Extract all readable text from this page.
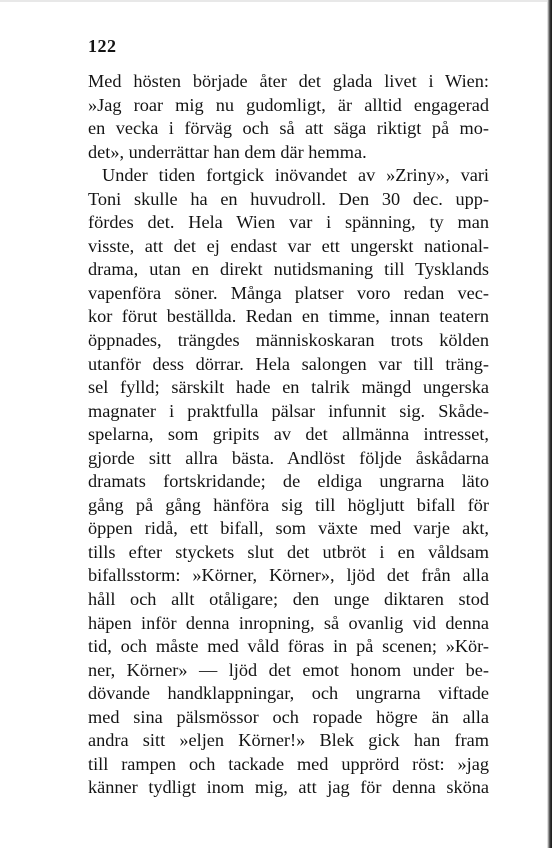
122
Med hösten började åter det glada livet i Wien:
»Jag roar mig nu gudomligt, är alltid engagerad
en vecka i förväg och så att säga riktigt på mo-
det», underrättar han dem där hemma.
Under tiden fortgick inövandet av »Zriny», vari
Toni skulle ha en huvudroll. Den 30 dec. upp-
fördes det. Hela Wien var i spänning, ty man
visste, att det ej endast var ett ungerskt national-
drama, utan en direkt nutidsmaning till Tysklands
vapenföra söner. Många platser voro redan vec-
kor förut beställda. Redan en timme, innan teatern
öppnades, trängdes människoskaran trots kölden
utanför dess dörrar. Hela salongen var till träng-
sel fylld; särskilt hade en talrik mängd ungerska
magnater i praktfulla pälsar infunnit sig. Skåde-
spelarna, som gripits av det allmänna intresset,
gjorde sitt allra bästa. Andlöst följde åskådarna
dramats fortskridande; de eldiga ungrarna läto
gång på gång hänföra sig till högljutt bifall för
öppen ridå, ett bifall, som växte med varje akt,
tills efter styckets slut det utbröt i en våldsam
bifallsstorm: »Körner, Körner», ljöd det från alla
håll och allt otåligare; den unge diktaren stod
häpen inför denna inropning, så ovanlig vid denna
tid, och måste med våld föras in på scenen; »Kör-
ner, Körner» — ljöd det emot honom under be-
dövande handklappningar, och ungrarna viftade
med sina pälsmössor och ropade högre än alla
andra sitt »eljen Körner!» Blek gick han fram
till rampen och tackade med upprörd röst: »jag
känner tydligt inom mig, att jag för denna sköna
